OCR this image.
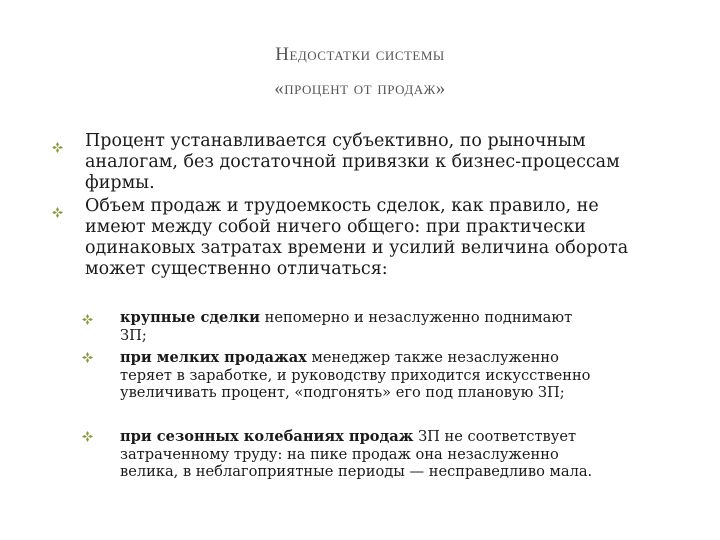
Недостатки системы
«процент от продаж»
Процент устанавливается субъективно, по рыночным аналогам, без достаточной привязки к бизнес-процессам фирмы.
Объем продаж и трудоемкость сделок, как правило, не имеют между собой ничего общего: при практически одинаковых затратах времени и усилий величина оборота может существенно отличаться:
крупные сделки непомерно и незаслуженно поднимают ЗП;
при мелких продажах менеджер также незаслуженно теряет в заработке, и руководству приходится искусственно увеличивать процент, «подгонять» его под плановую ЗП;
при сезонных колебаниях продаж ЗП не соответствует затраченному труду: на пике продаж она незаслуженно велика, в неблагоприятные периоды — несправедливо мала.
